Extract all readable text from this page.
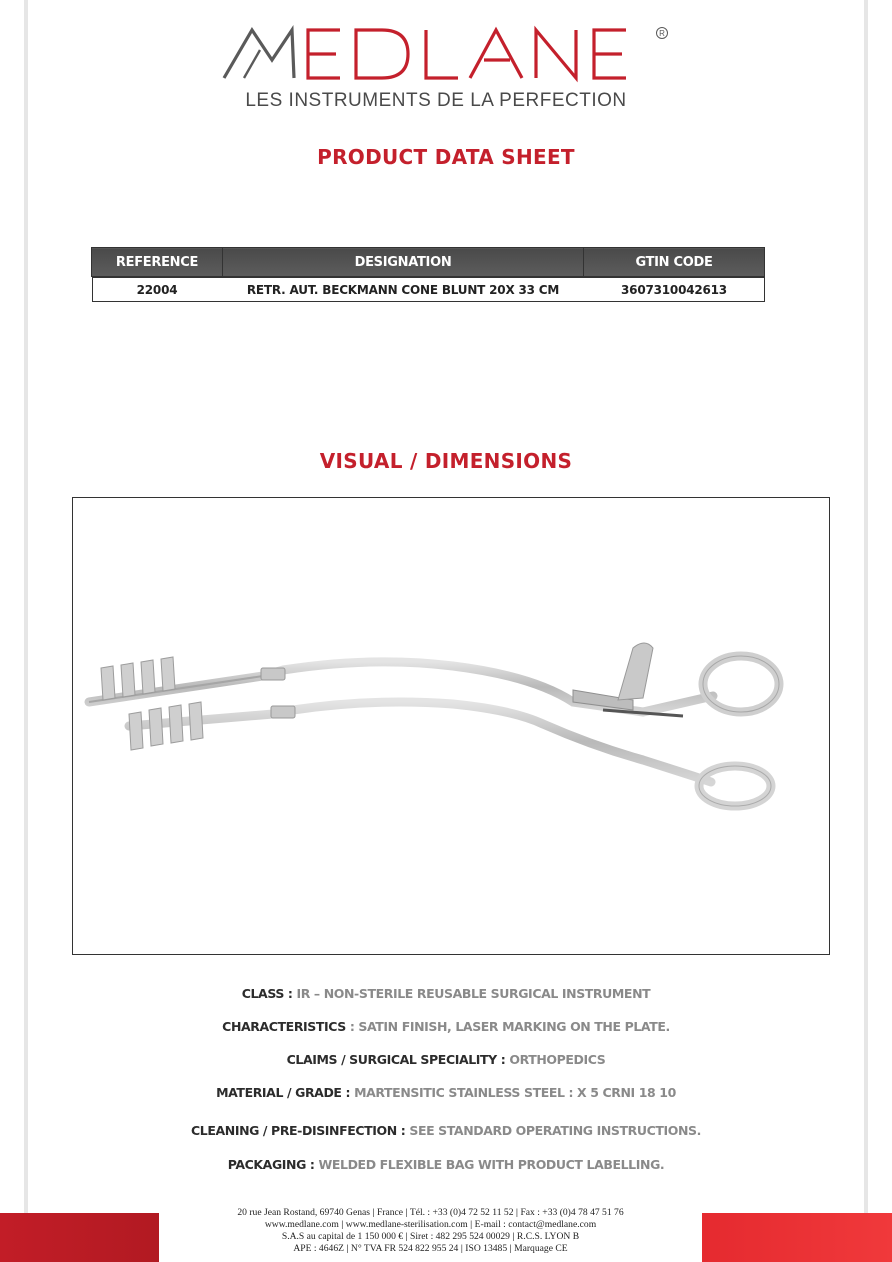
R
LES INSTRUMENTS DE LA PERFECTION
PRODUCT DATA SHEET
REFERENCE	DESIGNATION	GTIN CODE
22004	RETR. AUT. BECKMANN CONE BLUNT 20X 33 CM	3607310042613
VISUAL / DIMENSIONS
CLASS : IR – NON-STERILE REUSABLE SURGICAL INSTRUMENT
CHARACTERISTICS : SATIN FINISH, LASER MARKING ON THE PLATE.
CLAIMS / SURGICAL SPECIALITY : ORTHOPEDICS
MATERIAL / GRADE : MARTENSITIC STAINLESS STEEL : X 5 CRNI 18 10
CLEANING / PRE-DISINFECTION : SEE STANDARD OPERATING INSTRUCTIONS.
PACKAGING : WELDED FLEXIBLE BAG WITH PRODUCT LABELLING.
20 rue Jean Rostand, 69740 Genas | France | Tél. : +33 (0)4 72 52 11 52 | Fax : +33 (0)4 78 47 51 76
www.medlane.com | www.medlane-sterilisation.com | E-mail : contact@medlane.com
S.A.S au capital de 1 150 000 € | Siret : 482 295 524 00029 | R.C.S. LYON B
APE : 4646Z | N° TVA FR 524 822 955 24 | ISO 13485 | Marquage CE
